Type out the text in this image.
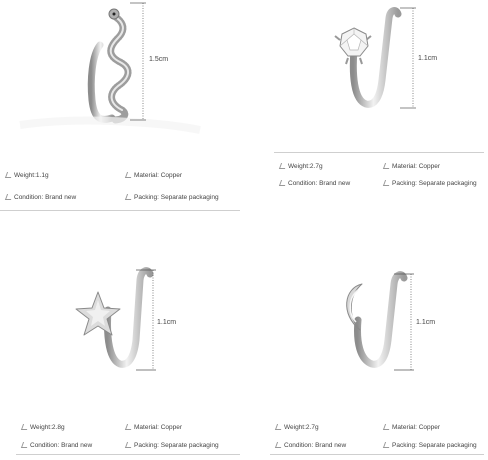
1.5cm
Weight:1.1g	Material: Copper
Condition: Brand new	Packing: Separate packaging
1.1cm
Weight:2.7g	Material: Copper
Condition: Brand new	Packing: Separate packaging
1.1cm
Weight:2.8g	Material: Copper
Condition: Brand new	Packing: Separate packaging
1.1cm
Weight:2.7g	Material: Copper
Condition: Brand new	Packing: Separate packaging
